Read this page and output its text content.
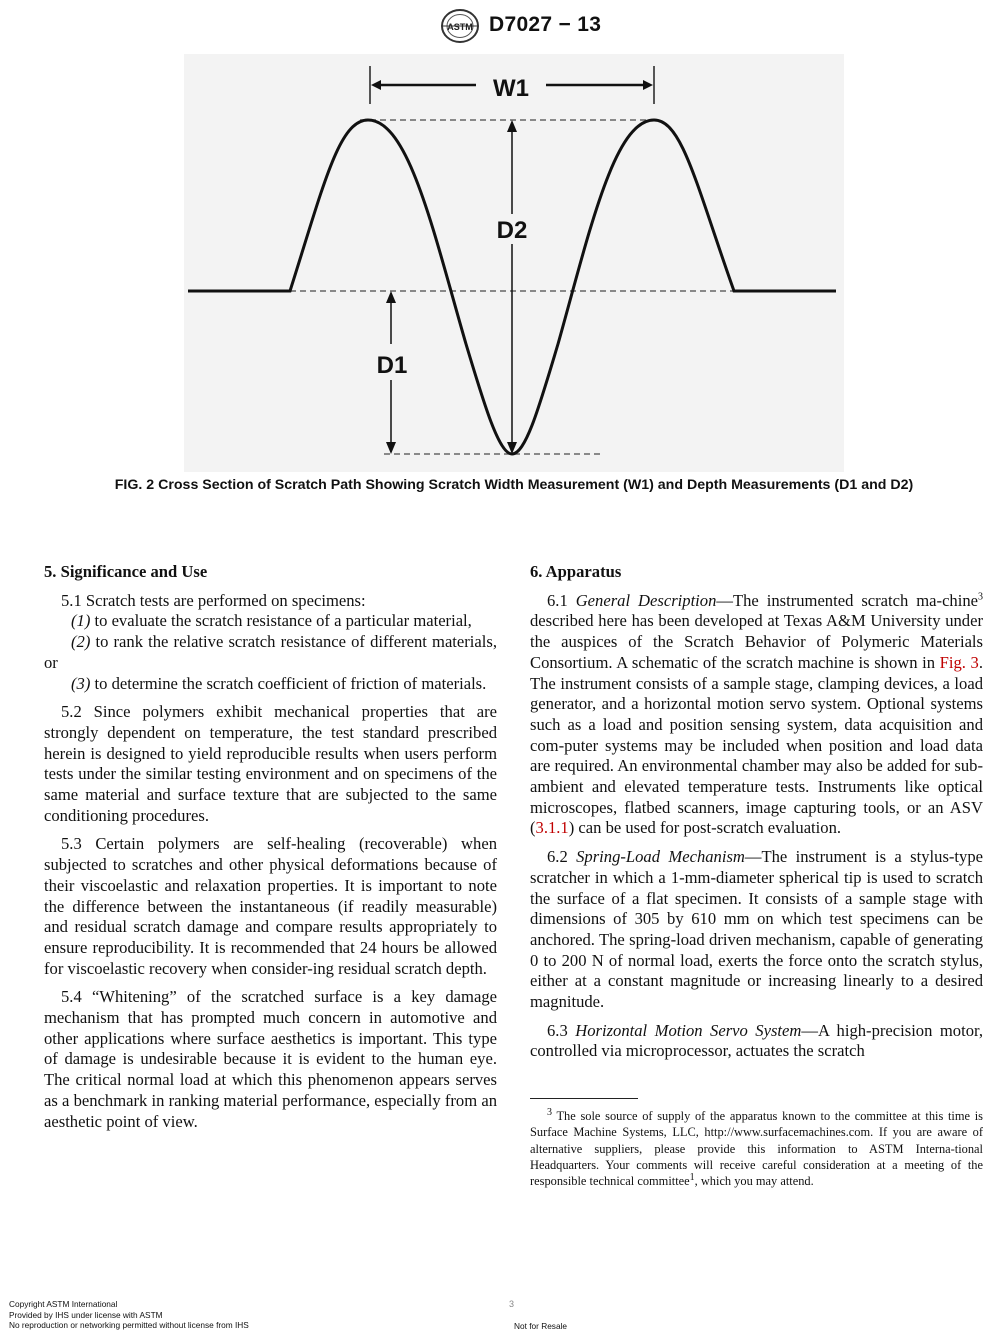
ASTM D7027 − 13
W1
D2
D1
FIG. 2 Cross Section of Scratch Path Showing Scratch Width Measurement (W1) and Depth Measurements (D1 and D2)
5. Significance and Use

5.1 Scratch tests are performed on specimens:

(1) to evaluate the scratch resistance of a particular material,

(2) to rank the relative scratch resistance of different materials, or

(3) to determine the scratch coefficient of friction of materials.

5.2 Since polymers exhibit mechanical properties that are strongly dependent on temperature, the test standard prescribed herein is designed to yield reproducible results when users perform tests under the similar testing environment and on specimens of the same material and surface texture that are subjected to the same conditioning procedures.

5.3 Certain polymers are self-healing (recoverable) when subjected to scratches and other physical deformations because of their viscoelastic and relaxation properties. It is important to note the difference between the instantaneous (if readily measurable) and residual scratch damage and compare results appropriately to ensure reproducibility. It is recommended that 24 hours be allowed for viscoelastic recovery when consider-ing residual scratch depth.

5.4 “Whitening” of the scratched surface is a key damage mechanism that has prompted much concern in automotive and other applications where surface aesthetics is important. This type of damage is undesirable because it is evident to the human eye. The critical normal load at which this phenomenon appears serves as a benchmark in ranking material performance, especially from an aesthetic point of view.

6. Apparatus

6.1 General Description—The instrumented scratch ma-chine$^3$ described here has been developed at Texas A&M University under the auspices of the Scratch Behavior of Polymeric Materials Consortium. A schematic of the scratch machine is shown in Fig. 3. The instrument consists of a sample stage, clamping devices, a load generator, and a horizontal motion servo system. Optional systems such as a load and position sensing system, data acquisition and com-puter systems may be included when position and load data are required. An environmental chamber may also be added for sub-ambient and elevated temperature tests. Instruments like optical microscopes, flatbed scanners, image capturing tools, or an ASV (3.1.1) can be used for post-scratch evaluation.

6.2 Spring-Load Mechanism—The instrument is a stylus-type scratcher in which a 1-mm-diameter spherical tip is used to scratch the surface of a flat specimen. It consists of a sample stage with dimensions of 305 by 610 mm on which test specimens can be anchored. The spring-load driven mechanism, capable of generating 0 to 200 N of normal load, exerts the force onto the scratch stylus, either at a constant magnitude or increasing linearly to a desired magnitude.

6.3 Horizontal Motion Servo System—A high-precision motor, controlled via microprocessor, actuates the scratch

$^3$ The sole source of supply of the apparatus known to the committee at this time is Surface Machine Systems, LLC, http://www.surfacemachines.com. If you are aware of alternative suppliers, please provide this information to ASTM Interna-tional Headquarters. Your comments will receive careful consideration at a meeting of the responsible technical committee$^1$, which you may attend.

Copyright ASTM International
Provided by IHS under license with ASTM
No reproduction or networking permitted without license from IHS
3
Not for Resale
